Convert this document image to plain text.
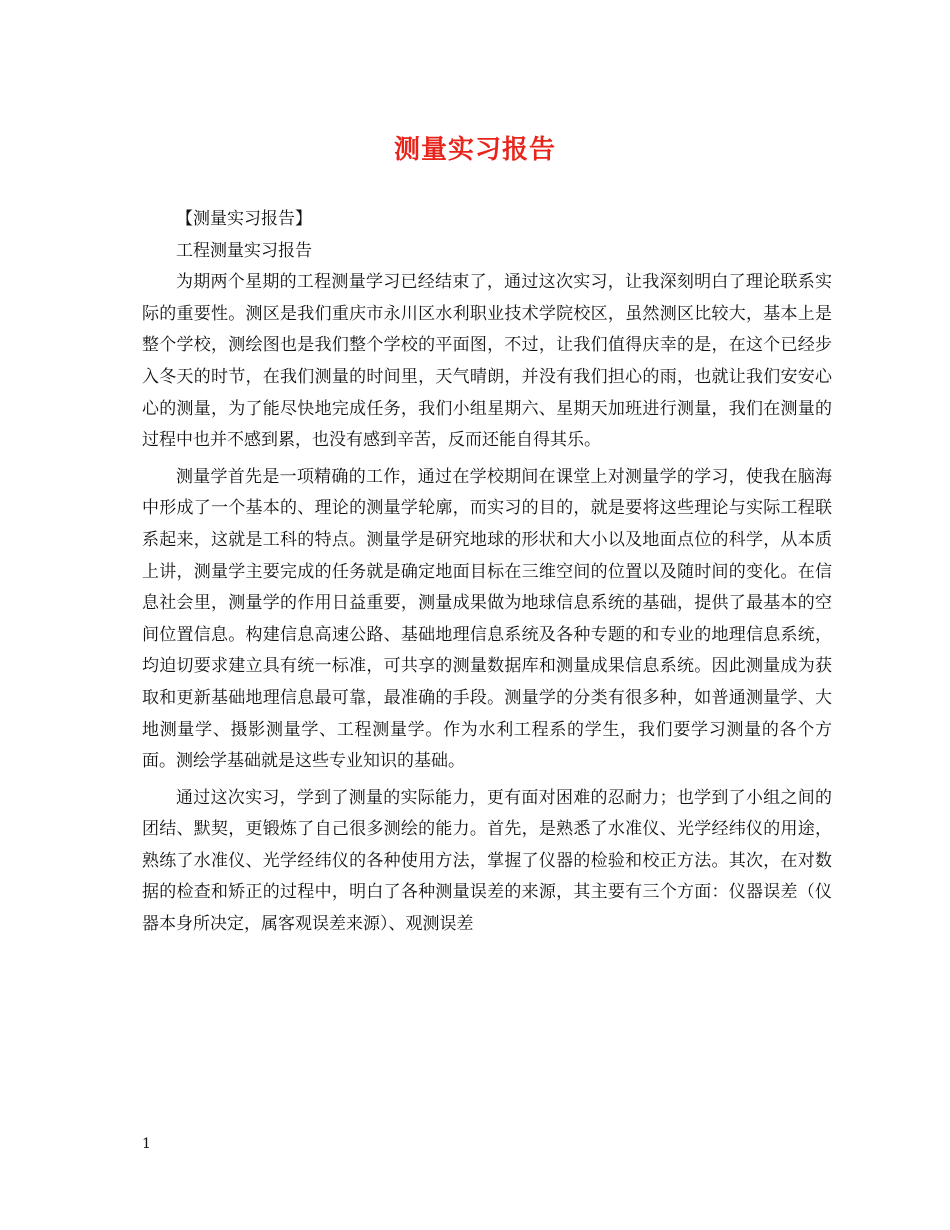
测量实习报告

【测量实习报告】

工程测量实习报告

为期两个星期的工程测量学习已经结束了，通过这次实习，让我深刻明白了理论联系实际的重要性。测区是我们重庆市永川区水利职业技术学院校区，虽然测区比较大，基本上是整个学校，测绘图也是我们整个学校的平面图，不过，让我们值得庆幸的是，在这个已经步入冬天的时节，在我们测量的时间里，天气晴朗，并没有我们担心的雨，也就让我们安安心心的测量，为了能尽快地完成任务，我们小组星期六、星期天加班进行测量，我们在测量的过程中也并不感到累，也没有感到辛苦，反而还能自得其乐。

测量学首先是一项精确的工作，通过在学校期间在课堂上对测量学的学习，使我在脑海中形成了一个基本的、理论的测量学轮廓，而实习的目的，就是要将这些理论与实际工程联系起来，这就是工科的特点。测量学是研究地球的形状和大小以及地面点位的科学，从本质上讲，测量学主要完成的任务就是确定地面目标在三维空间的位置以及随时间的变化。在信息社会里，测量学的作用日益重要，测量成果做为地球信息系统的基础，提供了最基本的空间位置信息。构建信息高速公路、基础地理信息系统及各种专题的和专业的地理信息系统，均迫切要求建立具有统一标准，可共享的测量数据库和测量成果信息系统。因此测量成为获取和更新基础地理信息最可靠，最准确的手段。测量学的分类有很多种，如普通测量学、大地测量学、摄影测量学、工程测量学。作为水利工程系的学生，我们要学习测量的各个方面。测绘学基础就是这些专业知识的基础。

通过这次实习，学到了测量的实际能力，更有面对困难的忍耐力；也学到了小组之间的团结、默契，更锻炼了自己很多测绘的能力。首先，是熟悉了水准仪、光学经纬仪的用途，熟练了水准仪、光学经纬仪的各种使用方法，掌握了仪器的检验和校正方法。其次，在对数据的检查和矫正的过程中，明白了各种测量误差的来源，其主要有三个方面：仪器误差（仪器本身所决定，属客观误差来源）、观测误差

1
